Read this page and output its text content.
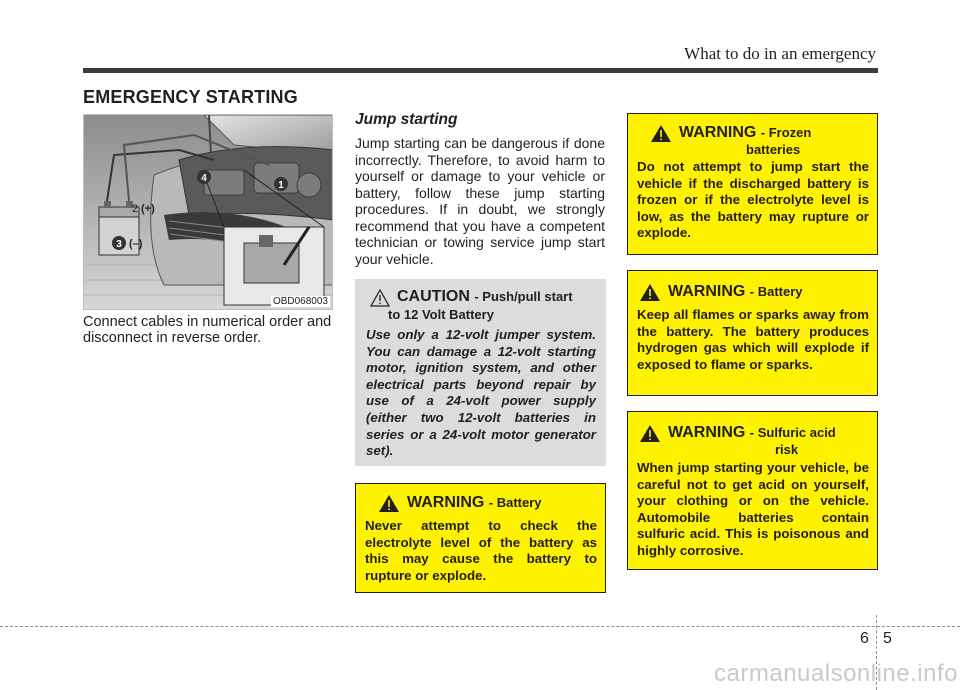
What to do in an emergency
EMERGENCY STARTING
1
2 (+)
3 (–)
4
OBD068003
Connect cables in numerical order and disconnect in reverse order.
Jump starting
Jump starting can be dangerous if done incorrectly. Therefore, to avoid harm to yourself or damage to your vehicle or battery, follow these jump starting procedures. If in doubt, we strongly recommend that you have a competent technician or towing service jump start your vehicle.
CAUTION - Push/pull start
to 12 Volt Battery
Use only a 12-volt jumper system. You can damage a 12-volt starting motor, ignition system, and other electrical parts beyond repair by use of a 24-volt power supply (either two 12-volt batteries in series or a 24-volt motor generator set).
WARNING - Battery
Never attempt to check the electrolyte level of the battery as this may cause the battery to rupture or explode.
WARNING - Frozen
batteries
Do not attempt to jump start the vehicle if the discharged battery is frozen or if the electrolyte level is low, as the battery may rupture or explode.
WARNING - Battery
Keep all flames or sparks away from the battery. The battery produces hydrogen gas which will explode if exposed to flame or sparks.
WARNING - Sulfuric acid
risk
When jump starting your vehicle, be careful not to get acid on yourself, your clothing or on the vehicle. Automobile batteries contain sulfuric acid. This is poisonous and highly corrosive.
6 5
carmanualsonline.info
